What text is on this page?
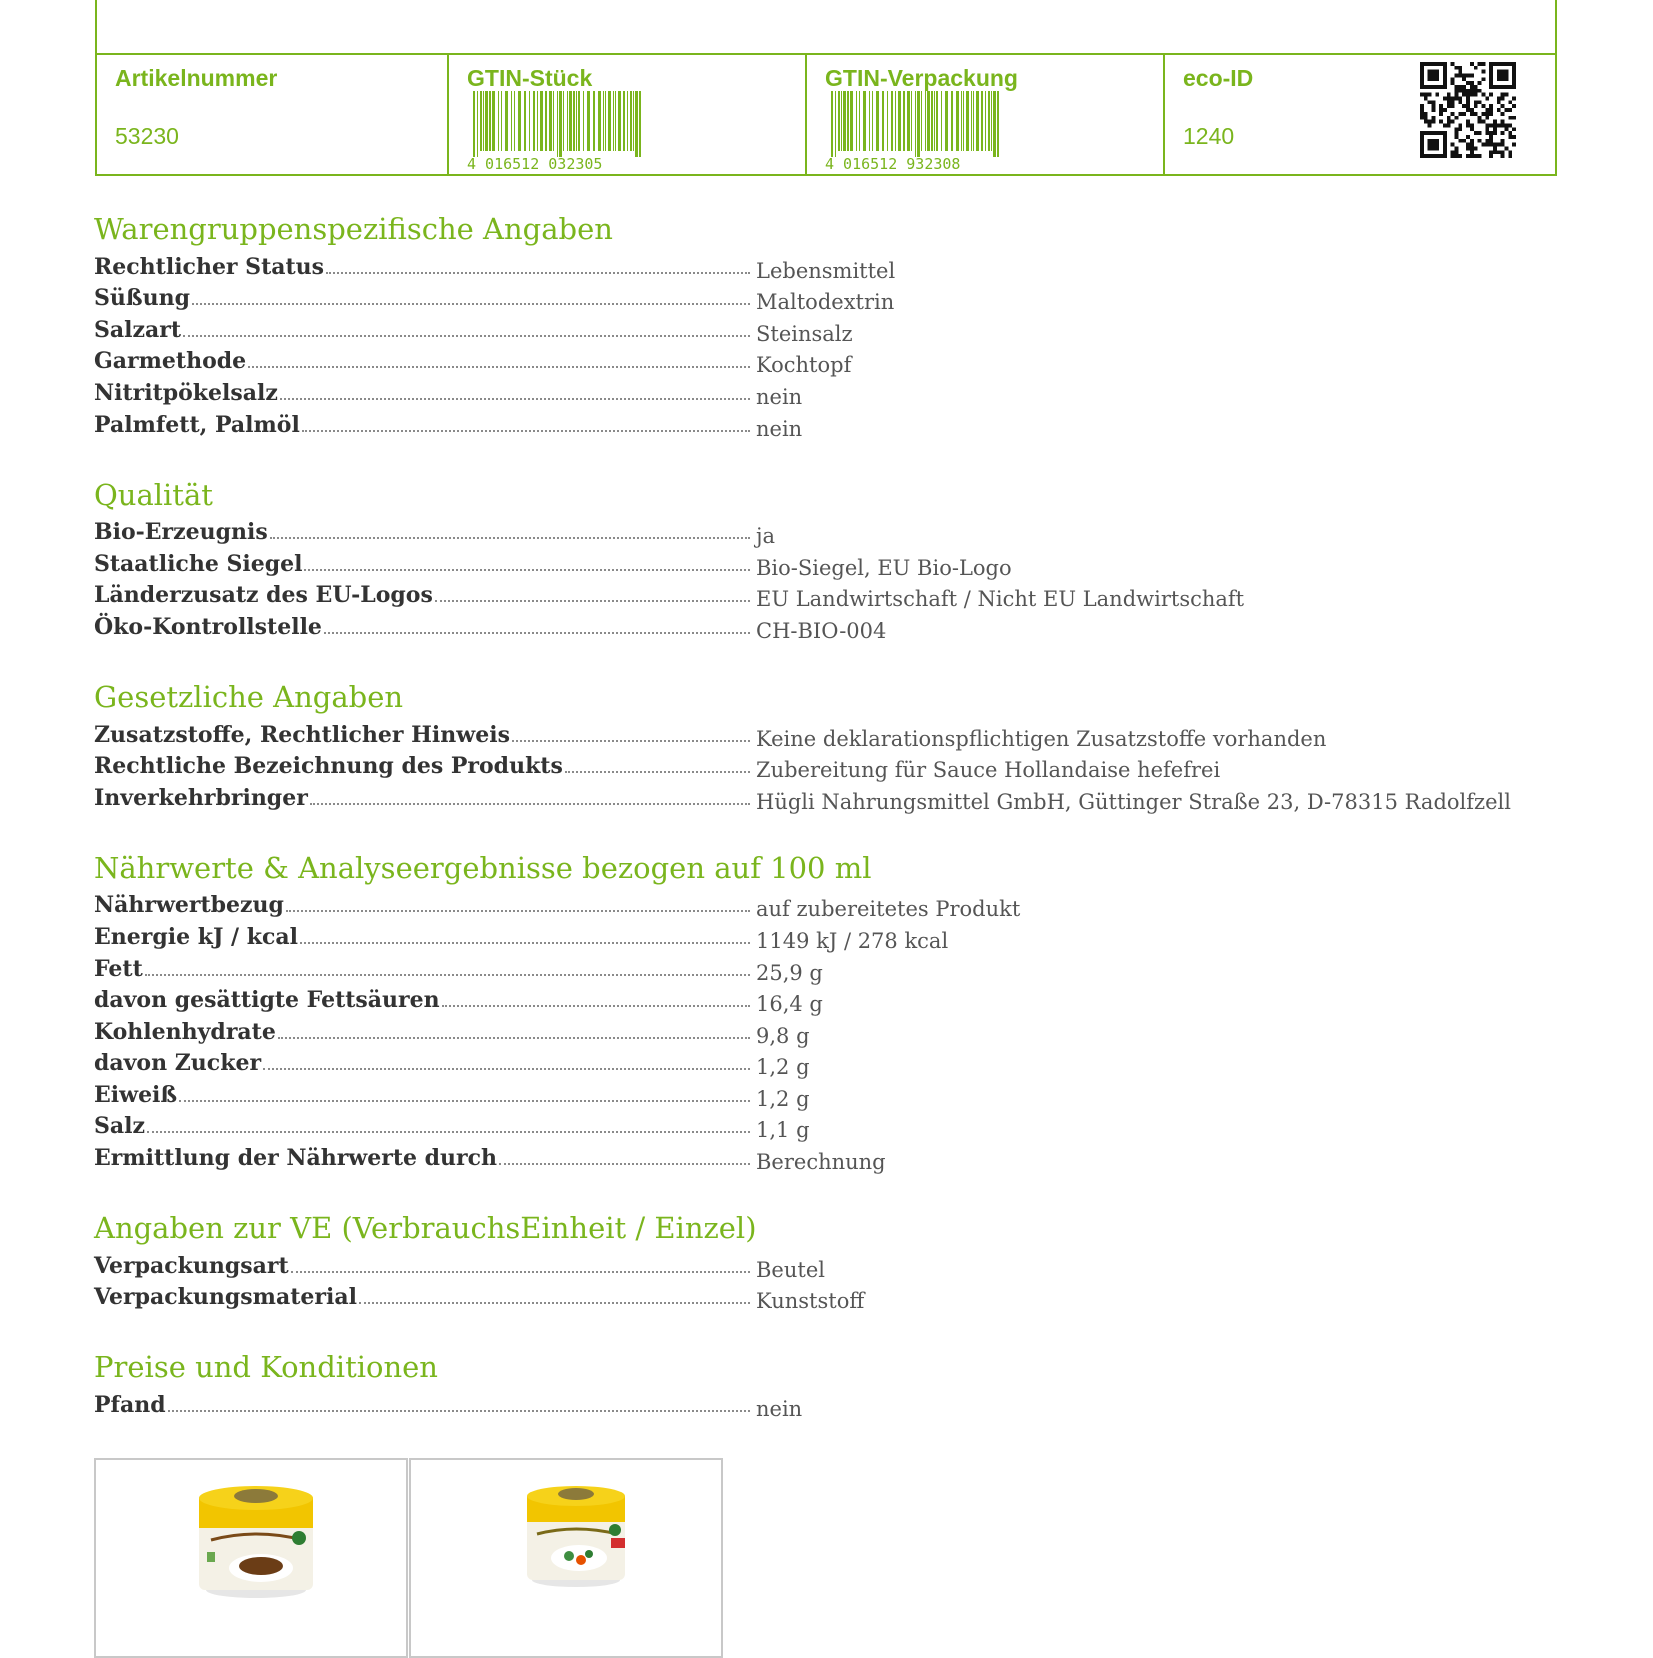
Artikelnummer
53230
GTIN-Stück
4 016512 032305
GTIN-Verpackung
4 016512 932308
eco-ID
1240
Warengruppenspezifische Angaben
Rechtlicher Status	Lebensmittel
Süßung	Maltodextrin
Salzart	Steinsalz
Garmethode	Kochtopf
Nitritpökelsalz	nein
Palmfett, Palmöl	nein
Qualität
Bio-Erzeugnis	ja
Staatliche Siegel	Bio-Siegel, EU Bio-Logo
Länderzusatz des EU-Logos	EU Landwirtschaft / Nicht EU Landwirtschaft
Öko-Kontrollstelle	CH-BIO-004
Gesetzliche Angaben
Zusatzstoffe, Rechtlicher Hinweis	Keine deklarationspflichtigen Zusatzstoffe vorhanden
Rechtliche Bezeichnung des Produkts	Zubereitung für Sauce Hollandaise hefefrei
Inverkehrbringer	Hügli Nahrungsmittel GmbH, Güttinger Straße 23, D-78315 Radolfzell
Nährwerte & Analyseergebnisse bezogen auf 100 ml
Nährwertbezug	auf zubereitetes Produkt
Energie kJ / kcal	1149 kJ / 278 kcal
Fett	25,9 g
davon gesättigte Fettsäuren	16,4 g
Kohlenhydrate	9,8 g
davon Zucker	1,2 g
Eiweiß	1,2 g
Salz	1,1 g
Ermittlung der Nährwerte durch	Berechnung
Angaben zur VE (VerbrauchsEinheit / Einzel)
Verpackungsart	Beutel
Verpackungsmaterial	Kunststoff
Preise und Konditionen
Pfand	nein
